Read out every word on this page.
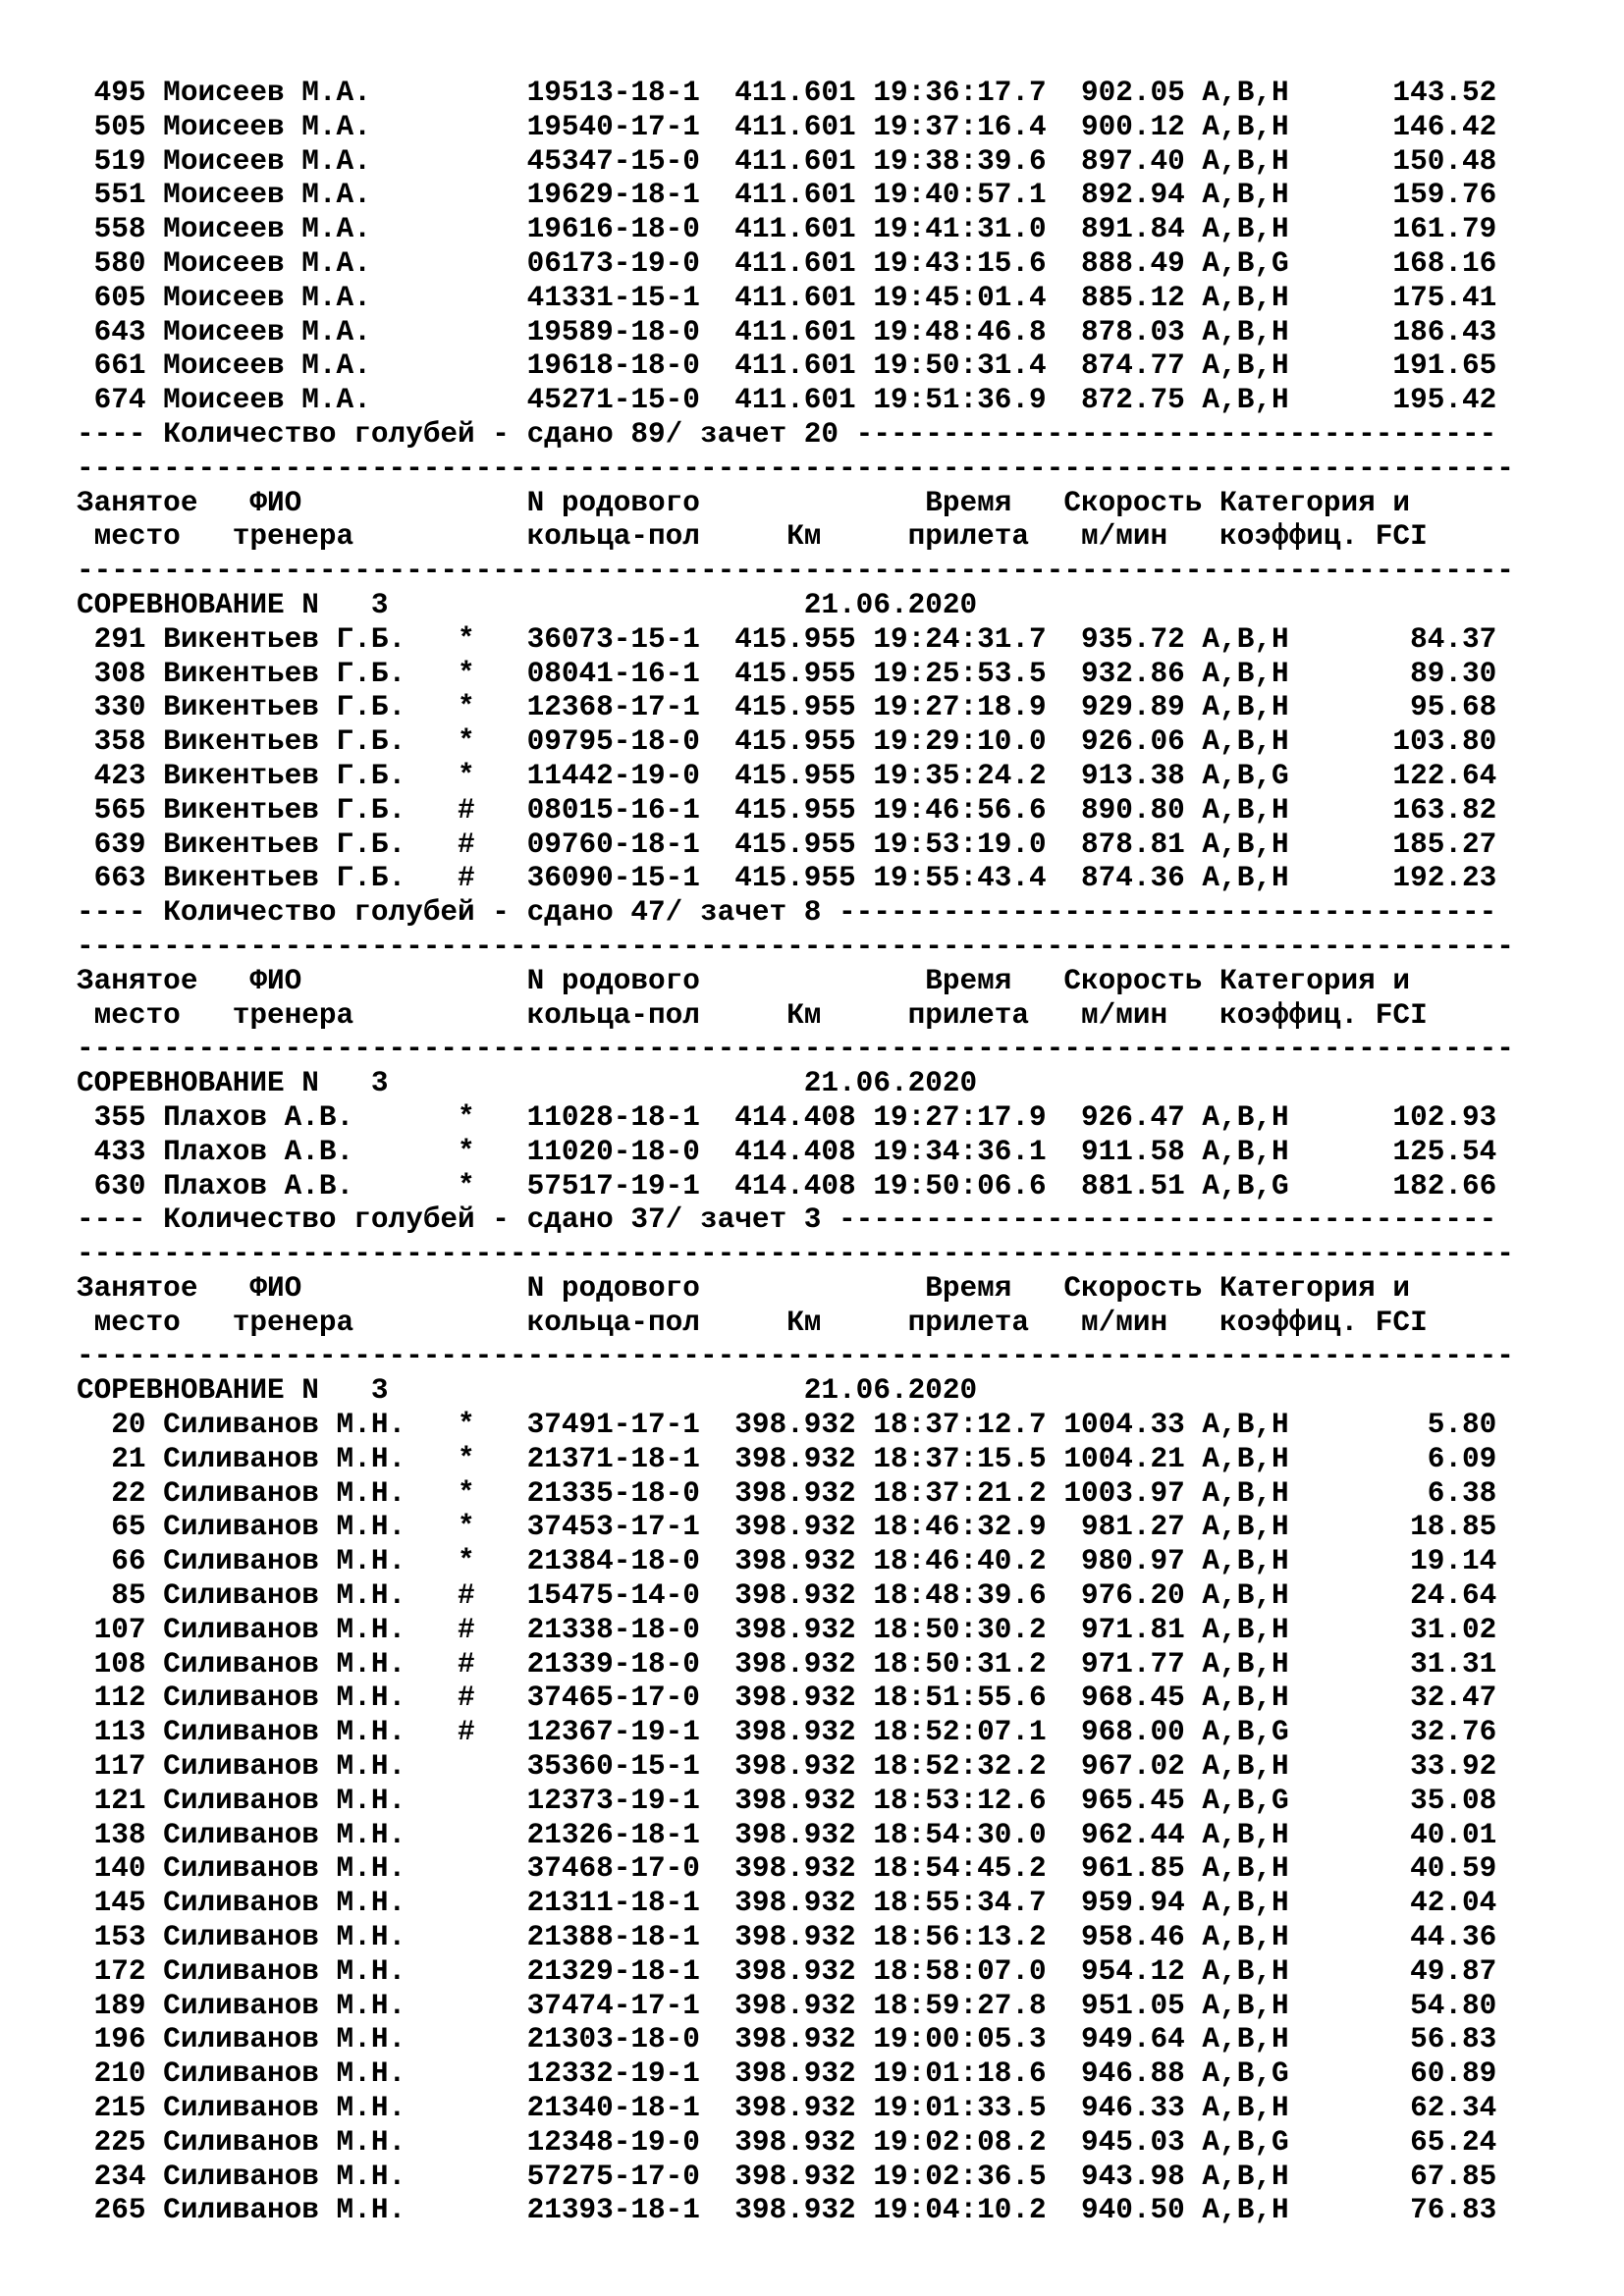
495 Моисеев М.А.         19513-18-1  411.601 19:36:17.7  902.05 A,B,H      143.52
505 Моисеев М.А.         19540-17-1  411.601 19:37:16.4  900.12 A,B,H      146.42
519 Моисеев М.А.         45347-15-0  411.601 19:38:39.6  897.40 A,B,H      150.48
551 Моисеев М.А.         19629-18-1  411.601 19:40:57.1  892.94 A,B,H      159.76
558 Моисеев М.А.         19616-18-0  411.601 19:41:31.0  891.84 A,B,H      161.79
580 Моисеев М.А.         06173-19-0  411.601 19:43:15.6  888.49 A,B,G      168.16
605 Моисеев М.А.         41331-15-1  411.601 19:45:01.4  885.12 A,B,H      175.41
643 Моисеев М.А.         19589-18-0  411.601 19:48:46.8  878.03 A,B,H      186.43
661 Моисеев М.А.         19618-18-0  411.601 19:50:31.4  874.77 A,B,H      191.65
674 Моисеев М.А.         45271-15-0  411.601 19:51:36.9  872.75 A,B,H      195.42
---- Количество голубей - сдано 89/ зачет 20 -------------------------------------
-----------------------------------------------------------------------------------
Занятое   ФИО             N родового             Время   Скорость Категория и
место   тренера          кольца-пол     Км     прилета   м/мин   коэффиц. FCI
-----------------------------------------------------------------------------------
СОРЕВНОВАНИЕ N   3                        21.06.2020
291 Викентьев Г.Б.   *   36073-15-1  415.955 19:24:31.7  935.72 A,B,H       84.37
308 Викентьев Г.Б.   *   08041-16-1  415.955 19:25:53.5  932.86 A,B,H       89.30
330 Викентьев Г.Б.   *   12368-17-1  415.955 19:27:18.9  929.89 A,B,H       95.68
358 Викентьев Г.Б.   *   09795-18-0  415.955 19:29:10.0  926.06 A,B,H      103.80
423 Викентьев Г.Б.   *   11442-19-0  415.955 19:35:24.2  913.38 A,B,G      122.64
565 Викентьев Г.Б.   #   08015-16-1  415.955 19:46:56.6  890.80 A,B,H      163.82
639 Викентьев Г.Б.   #   09760-18-1  415.955 19:53:19.0  878.81 A,B,H      185.27
663 Викентьев Г.Б.   #   36090-15-1  415.955 19:55:43.4  874.36 A,B,H      192.23
---- Количество голубей - сдано 47/ зачет 8 --------------------------------------
-----------------------------------------------------------------------------------
Занятое   ФИО             N родового             Время   Скорость Категория и
место   тренера          кольца-пол     Км     прилета   м/мин   коэффиц. FCI
-----------------------------------------------------------------------------------
СОРЕВНОВАНИЕ N   3                        21.06.2020
355 Плахов А.В.      *   11028-18-1  414.408 19:27:17.9  926.47 A,B,H      102.93
433 Плахов А.В.      *   11020-18-0  414.408 19:34:36.1  911.58 A,B,H      125.54
630 Плахов А.В.      *   57517-19-1  414.408 19:50:06.6  881.51 A,B,G      182.66
---- Количество голубей - сдано 37/ зачет 3 --------------------------------------
-----------------------------------------------------------------------------------
Занятое   ФИО             N родового             Время   Скорость Категория и
место   тренера          кольца-пол     Км     прилета   м/мин   коэффиц. FCI
-----------------------------------------------------------------------------------
СОРЕВНОВАНИЕ N   3                        21.06.2020
20 Силиванов М.Н.   *   37491-17-1  398.932 18:37:12.7 1004.33 A,B,H        5.80
21 Силиванов М.Н.   *   21371-18-1  398.932 18:37:15.5 1004.21 A,B,H        6.09
22 Силиванов М.Н.   *   21335-18-0  398.932 18:37:21.2 1003.97 A,B,H        6.38
65 Силиванов М.Н.   *   37453-17-1  398.932 18:46:32.9  981.27 A,B,H       18.85
66 Силиванов М.Н.   *   21384-18-0  398.932 18:46:40.2  980.97 A,B,H       19.14
85 Силиванов М.Н.   #   15475-14-0  398.932 18:48:39.6  976.20 A,B,H       24.64
107 Силиванов М.Н.   #   21338-18-0  398.932 18:50:30.2  971.81 A,B,H       31.02
108 Силиванов М.Н.   #   21339-18-0  398.932 18:50:31.2  971.77 A,B,H       31.31
112 Силиванов М.Н.   #   37465-17-0  398.932 18:51:55.6  968.45 A,B,H       32.47
113 Силиванов М.Н.   #   12367-19-1  398.932 18:52:07.1  968.00 A,B,G       32.76
117 Силиванов М.Н.       35360-15-1  398.932 18:52:32.2  967.02 A,B,H       33.92
121 Силиванов М.Н.       12373-19-1  398.932 18:53:12.6  965.45 A,B,G       35.08
138 Силиванов М.Н.       21326-18-1  398.932 18:54:30.0  962.44 A,B,H       40.01
140 Силиванов М.Н.       37468-17-0  398.932 18:54:45.2  961.85 A,B,H       40.59
145 Силиванов М.Н.       21311-18-1  398.932 18:55:34.7  959.94 A,B,H       42.04
153 Силиванов М.Н.       21388-18-1  398.932 18:56:13.2  958.46 A,B,H       44.36
172 Силиванов М.Н.       21329-18-1  398.932 18:58:07.0  954.12 A,B,H       49.87
189 Силиванов М.Н.       37474-17-1  398.932 18:59:27.8  951.05 A,B,H       54.80
196 Силиванов М.Н.       21303-18-0  398.932 19:00:05.3  949.64 A,B,H       56.83
210 Силиванов М.Н.       12332-19-1  398.932 19:01:18.6  946.88 A,B,G       60.89
215 Силиванов М.Н.       21340-18-1  398.932 19:01:33.5  946.33 A,B,H       62.34
225 Силиванов М.Н.       12348-19-0  398.932 19:02:08.2  945.03 A,B,G       65.24
234 Силиванов М.Н.       57275-17-0  398.932 19:02:36.5  943.98 A,B,H       67.85
265 Силиванов М.Н.       21393-18-1  398.932 19:04:10.2  940.50 A,B,H       76.83
